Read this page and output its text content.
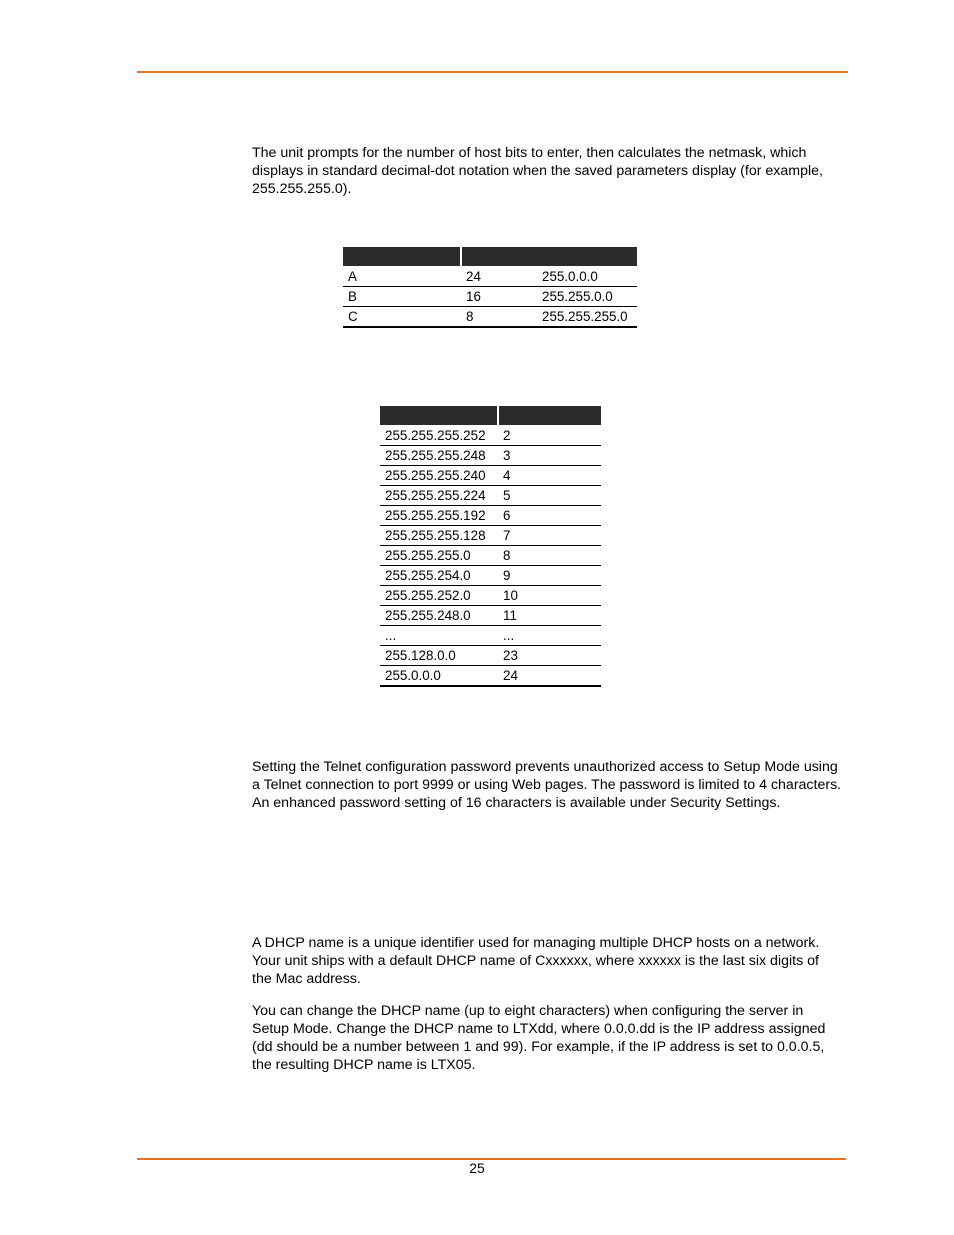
The unit prompts for the number of host bits to enter, then calculates the netmask, which displays in standard decimal-dot notation when the saved parameters display (for example, 255.255.255.0).

A	24	255.0.0.0
B	16	255.255.0.0
C	8	255.255.255.0

255.255.255.252	2
255.255.255.248	3
255.255.255.240	4
255.255.255.224	5
255.255.255.192	6
255.255.255.128	7
255.255.255.0	8
255.255.254.0	9
255.255.252.0	10
255.255.248.0	11
...	...
255.128.0.0	23
255.0.0.0	24

Setting the Telnet configuration password prevents unauthorized access to Setup Mode using a Telnet connection to port 9999 or using Web pages. The password is limited to 4 characters. An enhanced password setting of 16 characters is available under Security Settings.

A DHCP name is a unique identifier used for managing multiple DHCP hosts on a network. Your unit ships with a default DHCP name of Cxxxxxx, where xxxxxx is the last six digits of the Mac address.

You can change the DHCP name (up to eight characters) when configuring the server in Setup Mode. Change the DHCP name to LTXdd, where 0.0.0.dd is the IP address assigned (dd should be a number between 1 and 99). For example, if the IP address is set to 0.0.0.5, the resulting DHCP name is LTX05.

25
